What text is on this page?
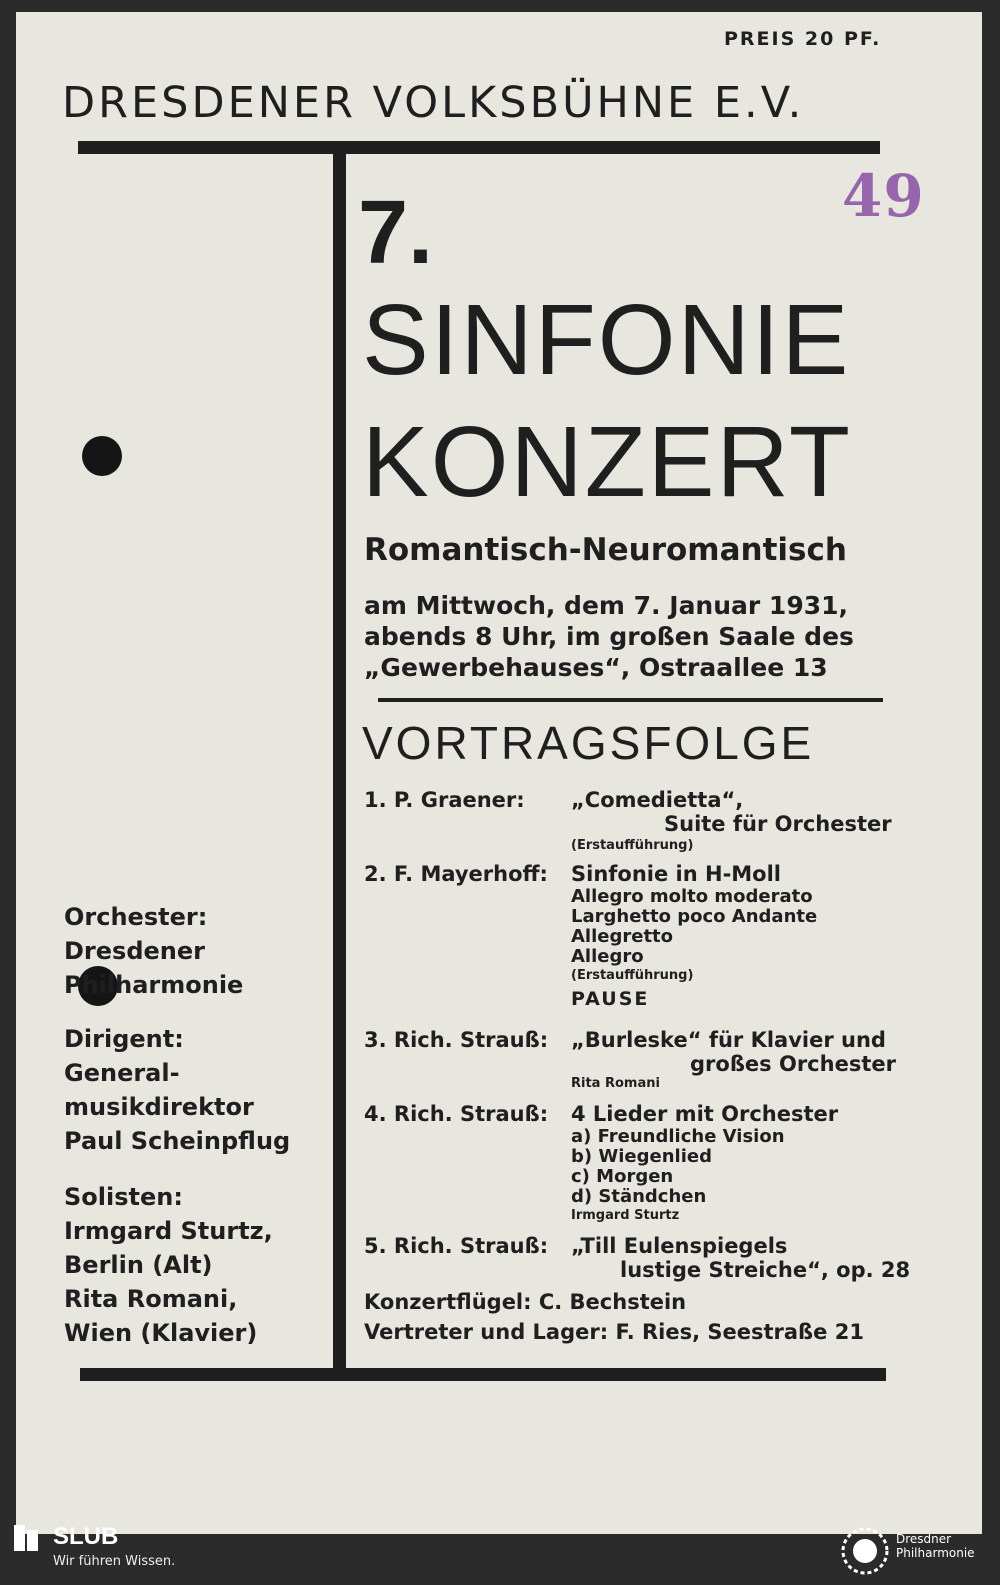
PREIS 20 PF.

DRESDENER VOLKSBÜHNE E.V.
49

7.

SINFONIE

KONZERT

Romantisch-Neuromantisch

am Mittwoch, dem 7. Januar 1931,

abends 8 Uhr, im großen Saale des

„Gewerbehauses“, Ostraallee 13

VORTRAGSFOLGE

1. P. Graener: „Comedietta“,

Suite für Orchester

(Erstaufführung)

2. F. Mayerhoff: Sinfonie in H-Moll

Allegro molto moderato

Larghetto poco Andante

Allegretto

Allegro

(Erstaufführung)

PAUSE

3. Rich. Strauß: „Burleske“ für Klavier und

großes Orchester

Rita Romani

4. Rich. Strauß: 4 Lieder mit Orchester

a) Freundliche Vision

b) Wiegenlied

c) Morgen

d) Ständchen

Irmgard Sturtz

5. Rich. Strauß: „Till Eulenspiegels

lustige Streiche“, op. 28

Konzertflügel: C. Bechstein

Vertreter und Lager: F. Ries, Seestraße 21

Orchester:

Dresdener

Philharmonie

Dirigent:

General-

musikdirektor

Paul Scheinpflug

Solisten:

Irmgard Sturtz,

Berlin (Alt)

Rita Romani,

Wien (Klavier)

SLUB

Wir führen Wissen.

Dresdner
Philharmonie
